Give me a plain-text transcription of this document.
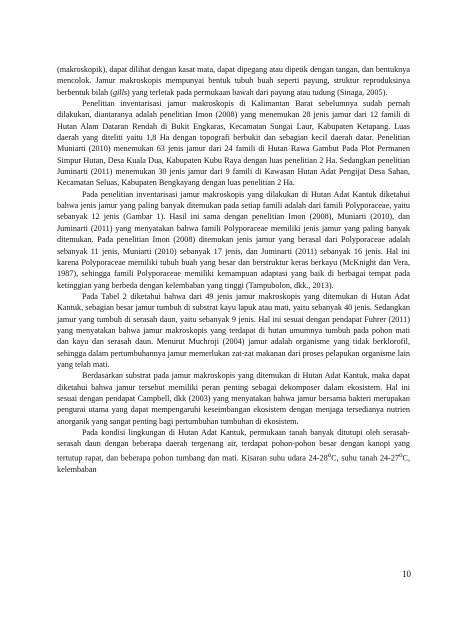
(makroskopik), dapat dilihat dengan kasat mata, dapat dipegang atau dipetik dengan tangan, dan bentuknya mencolok. Jamur makroskopis mempunyai bentuk tubuh buah seperti payung, struktur reproduksinya berbentuk bilah (gills) yang terletak pada permukaan bawah dari payung atau tudung (Sinaga, 2005).

Penelitian inventarisasi jamur makroskopis di Kalimantan Barat sebelumnya sudah pernah dilakukan, diantaranya adalah penelitian Imon (2008) yang menemukan 28 jenis jamur dari 12 famili di Hutan Alam Dataran Rendah di Bukit Engkaras, Kecamatan Sungai Laur, Kabupaten Ketapang. Luas daerah yang diteliti yaitu 1,8 Ha dengan topografi berbukit dan sebagian kecil daerah datar. Penelitian Muniarti (2010) menemukan 63 jenis jamur dari 24 famili di Hutan Rawa Gambut Pada Plot Permanen Simpur Hutan, Desa Kuala Dua, Kabupaten Kubu Raya dengan luas penelitian 2 Ha. Sedangkan penelitian Juminarti (2011) menemukan 30 jenis jamur dari 9 famili di Kawasan Hutan Adat Pengijat Desa Sahan, Kecamatan Seluas, Kabupaten Bengkayang dengan luas penelitian 2 Ha.

Pada penelitian inventarisasi jamur makroskopis yang dilakukan di Hutan Adat Kantuk diketahui bahwa jenis jamur yang paling banyak ditemukan pada setiap famili adalah dari famili Polyporaceae, yaitu sebanyak 12 jenis (Gambar 1). Hasil ini sama dengan penelitian Imon (2008), Muniarti (2010), dan Juminarti (2011) yang menyatakan bahwa famili Polyporaceae memiliki jenis jamur yang paling banyak ditemukan. Pada penelitian Imon (2008) ditemukan jenis jamur yang berasal dari Polyporaceae adalah sebanyak 11 jenis, Muniarti (2010) sebanyak 17 jenis, dan Juminarti (2011) sebanyak 16 jenis. Hal ini karena Polyporaceae memiliki tubuh buah yang besar dan berstruktur keras berkayu (McKnight dan Vera, 1987), sehingga famili Polyporaceae memiliki kemampuan adaptasi yang baik di berbagai tempat pada ketinggian yang berbeda dengan kelembaban yang tinggi (Tampubolon, dkk., 2013).

Pada Tabel 2 diketahui bahwa dari 49 jenis jamur makroskopis yang ditemukan di Hutan Adat Kantuk, sebagian besar jamur tumbuh di substrat kayu lapuk atau mati, yaitu sebanyak 40 jenis. Sedangkan jamur yang tumbuh di serasah daun, yaitu sebanyak 9 jenis. Hal ini sesuai dengan pendapat Fuhrer (2011) yang menyatakan bahwa jamur makroskopis yang terdapat di hutan umumnya tumbuh pada pohon mati dan kayu dan serasah daun. Menurut Muchroji (2004) jamur adalah organisme yang tidak berklorofil, sehingga dalam pertumbuhannya jamur memerlukan zat-zat makanan dari proses pelapukan organisme lain yang telah mati.

Berdasarkan substrat pada jamur makroskopis yang ditemukan di Hutan Adat Kantuk, maka dapat diketahui bahwa jamur tersebut memiliki peran penting sebagai dekomposer dalam ekosistem. Hal ini sesuai dengan pendapat Campbell, dkk (2003) yang menyatakan bahwa jamur bersama bakteri merupakan pengurai utama yang dapat mempengaruhi keseimbangan ekosistem dengan menjaga tersedianya nutrien anorganik yang sangat penting bagi pertumbuhan tumbuhan di ekosistem.

Pada kondisi lingkungan di Hutan Adat Kantuk, permukaan tanah banyak ditutupi oleh serasah-serasah daun dengan beberapa daerah tergenang air, terdapat pohon-pohon besar dengan kanopi yang tertutup rapat, dan beberapa pohon tumbang dan mati. Kisaran suhu udara 24-28$^o$C, suhu tanah 24-27$^o$C, kelembaban

10
